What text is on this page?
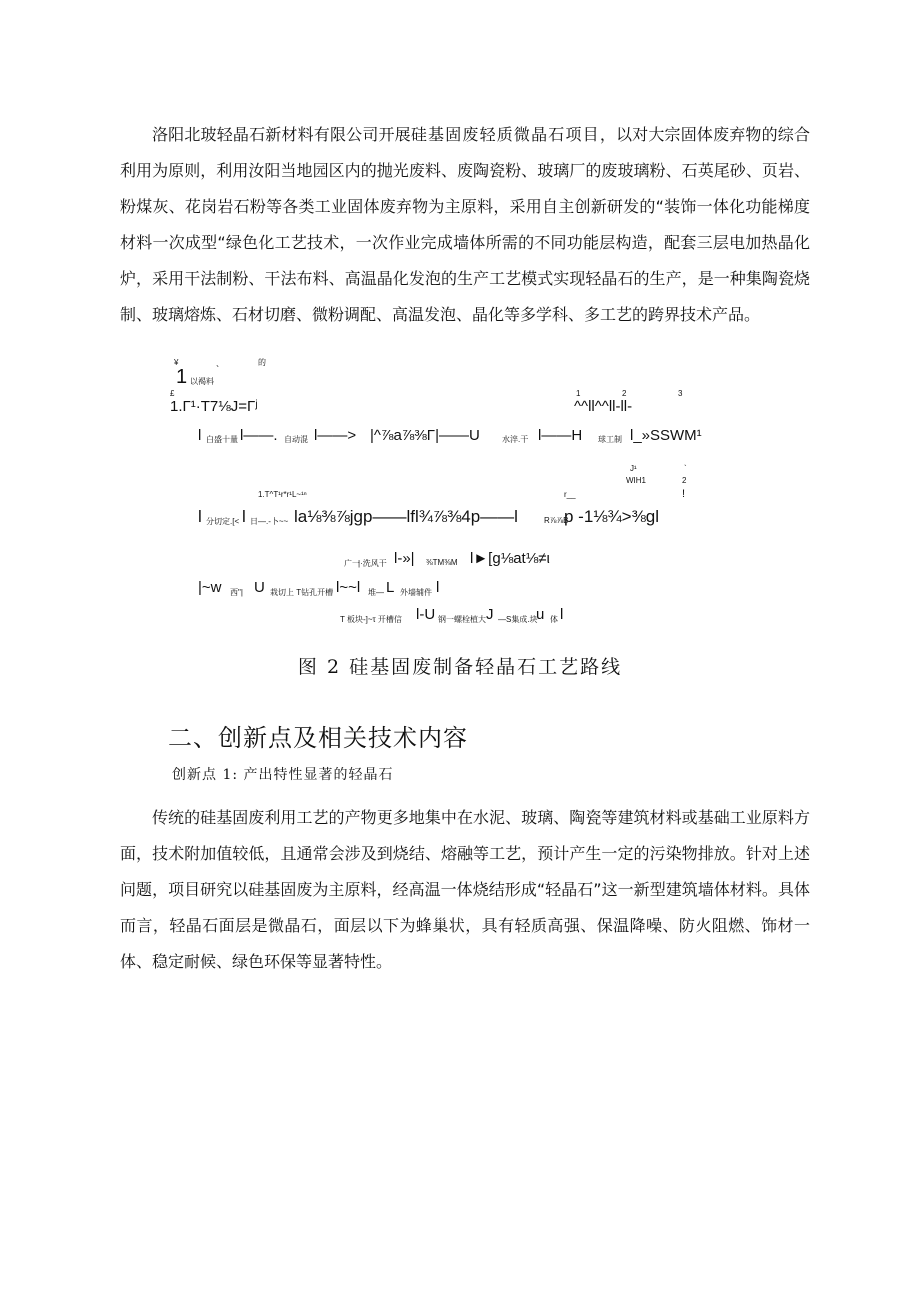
洛阳北玻轻晶石新材料有限公司开展硅基固废轻质微晶石项目，以对大宗固体废弃物的综合利用为原则，利用汝阳当地园区内的抛光废料、废陶瓷粉、玻璃厂的废玻璃粉、石英尾砂、页岩、粉煤灰、花岗岩石粉等各类工业固体废弃物为主原料，采用自主创新研发的“装饰一体化功能梯度材料一次成型“绿色化工艺技术，一次作业完成墙体所需的不同功能层构造，配套三层电加热晶化炉，采用干法制粉、干法布料、高温晶化发泡的生产工艺模式实现轻晶石的生产，是一种集陶瓷烧制、玻璃熔炼、石材切磨、微粉调配、高温发泡、晶化等多学科、多工艺的跨界技术产品。

¥	、	的
1 以褐料
£
1.Γ¹·T7⅛J=Γʲ
1	2	3
^^ll^^ll-ll-
l 白盛十量 l——. 自动混 l——> |^⅞a⅞⅜Γ|——U	水淬.干 l——H 球工制 l_»SSWM¹
J¹
WIH1
`
2
1.T^T¹r*r¹L~¹ⁿ	r__	!
l 分切定.[< l 日—.-卜~~ la⅛⅜⅞jgp——lfl¾⅞⅜4p——l	R⅞⅞B
p -1⅛¾>⅜gl
广一
|·洗风干 l-»| ⅜TM⅜M l►[g⅛at⅛≠ι
|~w 西"| U 栽切上 T钻孔开槽 l~~l 堆— L 外墙辅件 l
T 板块-]~τ 开槽信 l-U 钢一螺栓植大 J —S集成.块
u 体 l
图 2 硅基固废制备轻晶石工艺路线
二、创新点及相关技术内容
创新点 1: 产出特性显著的轻晶石

传统的硅基固废利用工艺的产物更多地集中在水泥、玻璃、陶瓷等建筑材料或基础工业原料方面，技术附加值较低，且通常会涉及到烧结、熔融等工艺，预计产生一定的污染物排放。针对上述问题，项目研究以硅基固废为主原料，经高温一体烧结形成“轻晶石”这一新型建筑墙体材料。具体而言，轻晶石面层是微晶石，面层以下为蜂巢状，具有轻质高强、保温降噪、防火阻燃、饰材一体、稳定耐候、绿色环保等显著特性。
